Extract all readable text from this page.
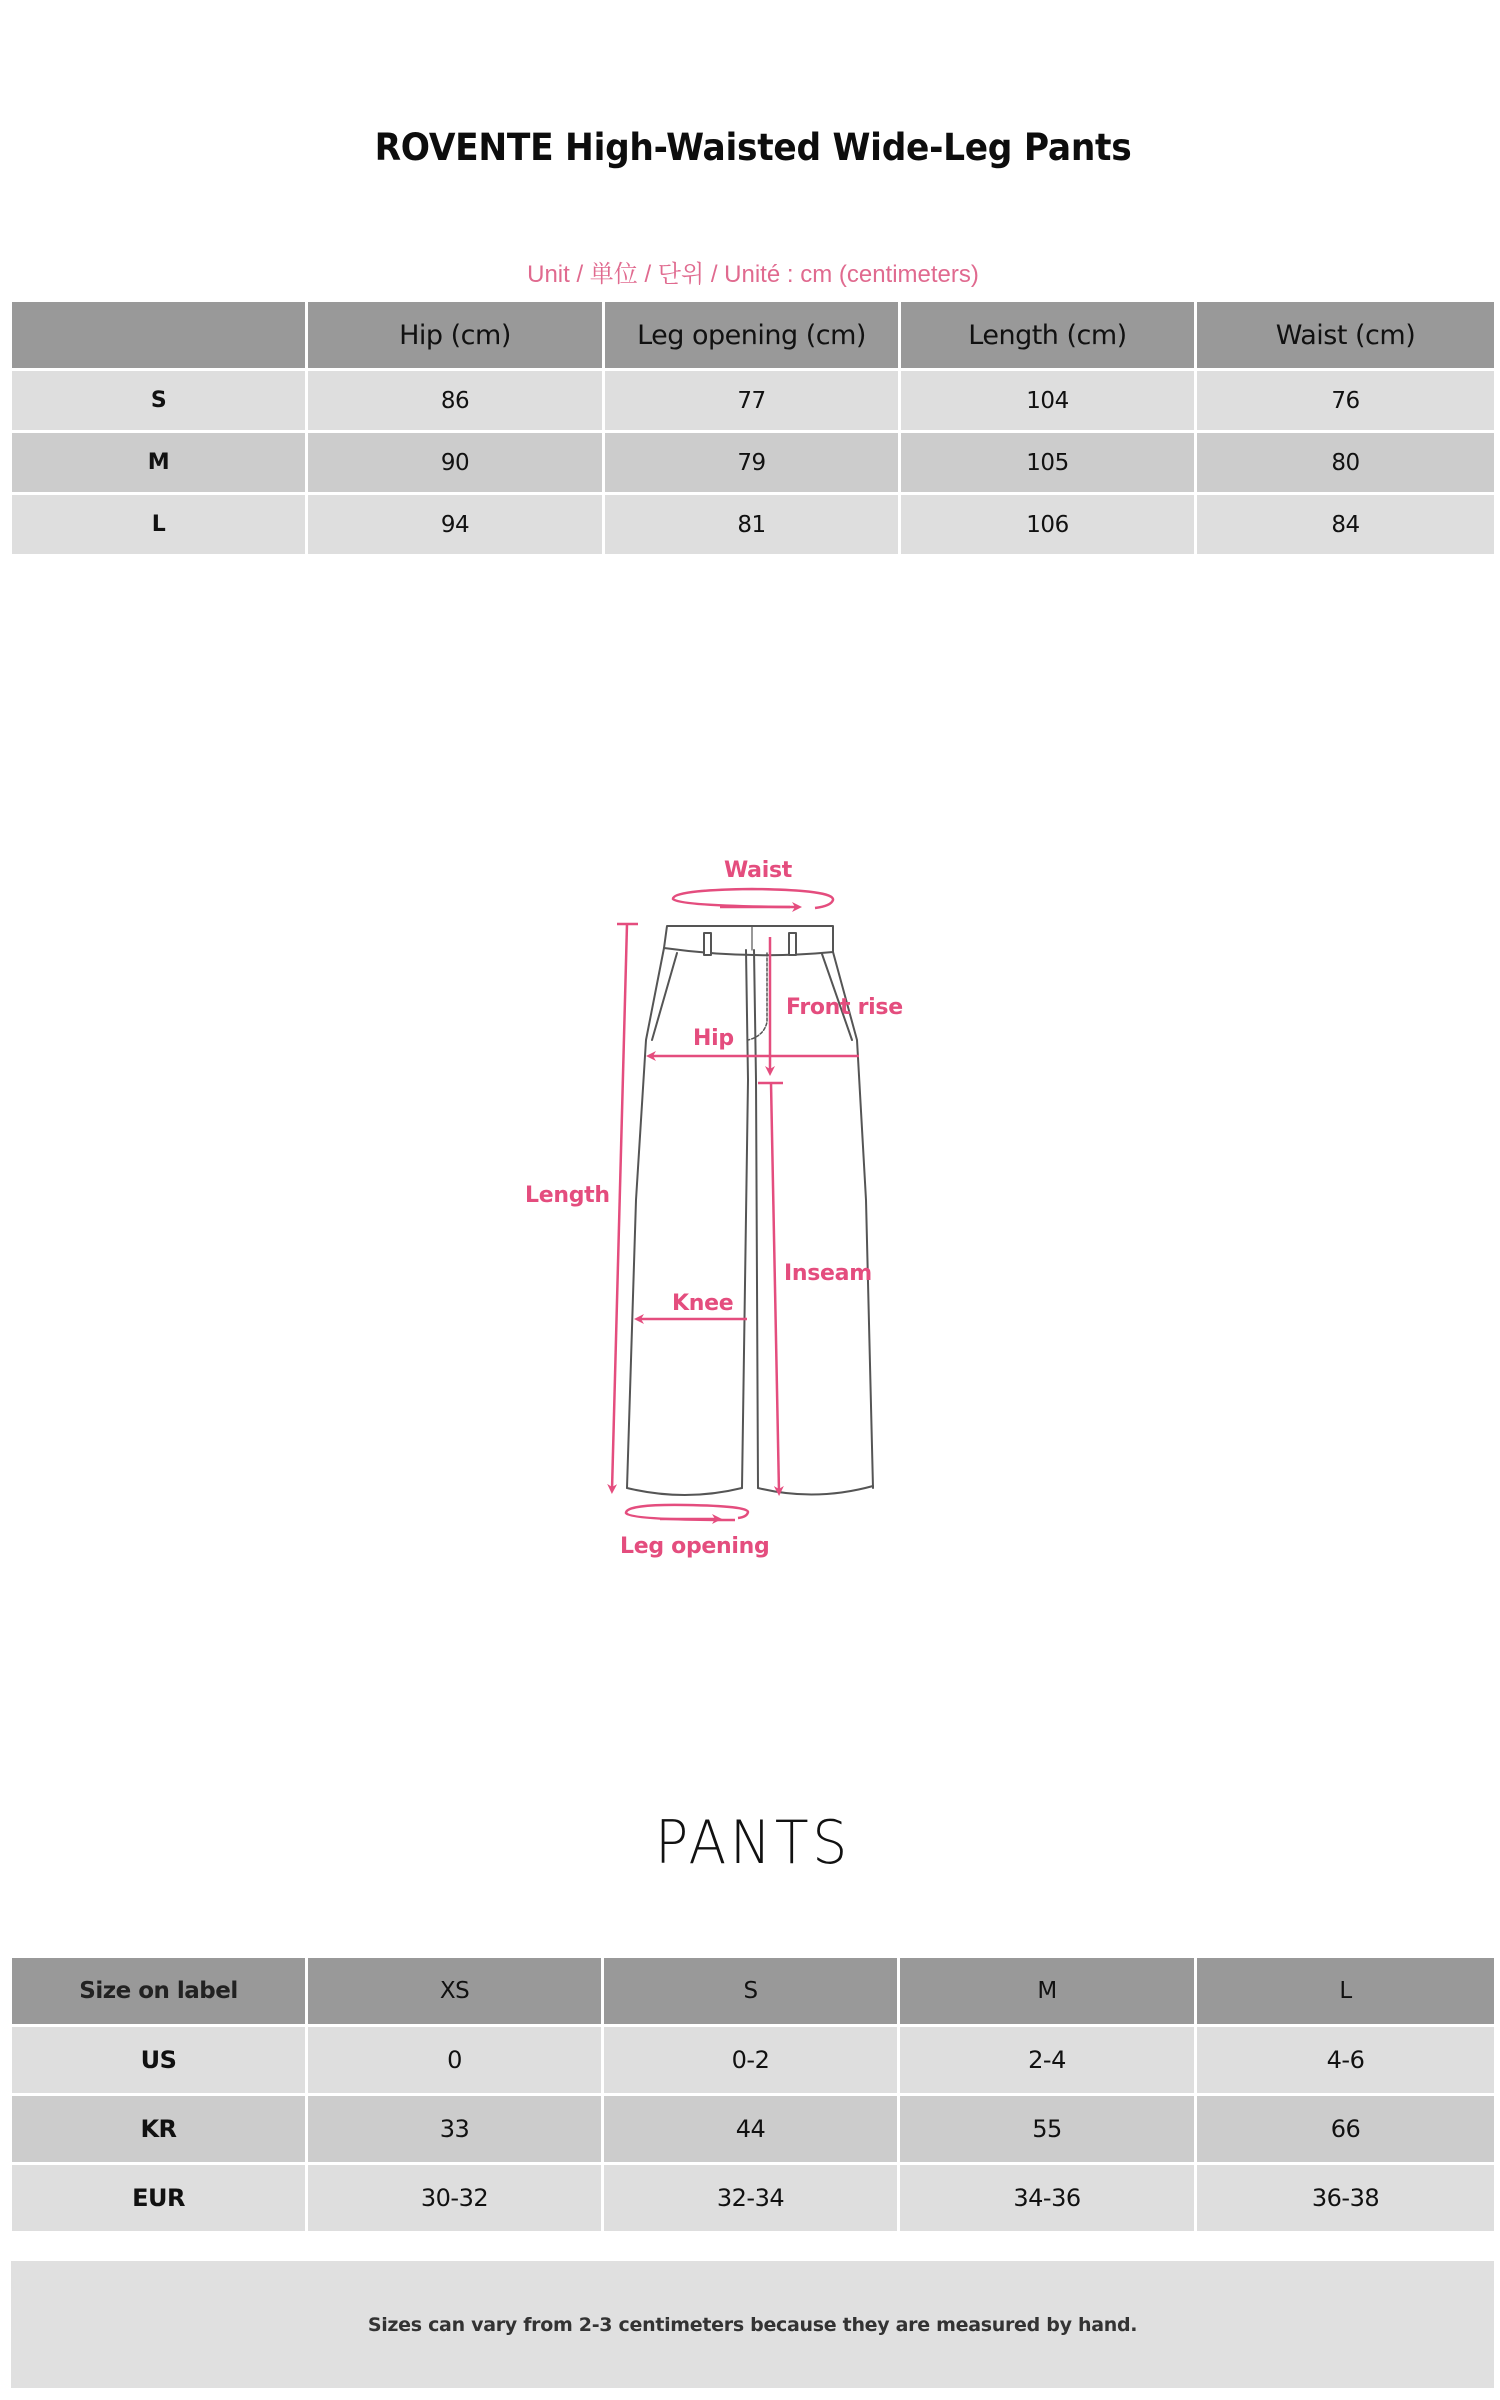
ROVENTE High-Waisted Wide-Leg Pants
Unit / 単位 / 단위 / Unité : cm (centimeters)
	Hip (cm)	Leg opening (cm)	Length (cm)	Waist (cm)
S	86	77	104	76
M	90	79	105	80
L	94	81	106	84
Waist
Front rise
Hip
Length
Inseam
Knee
Leg opening
PANTS
Size on label	XS	S	M	L
US	0	0-2	2-4	4-6
KR	33	44	55	66
EUR	30-32	32-34	34-36	36-38
Sizes can vary from 2-3 centimeters because they are measured by hand.
